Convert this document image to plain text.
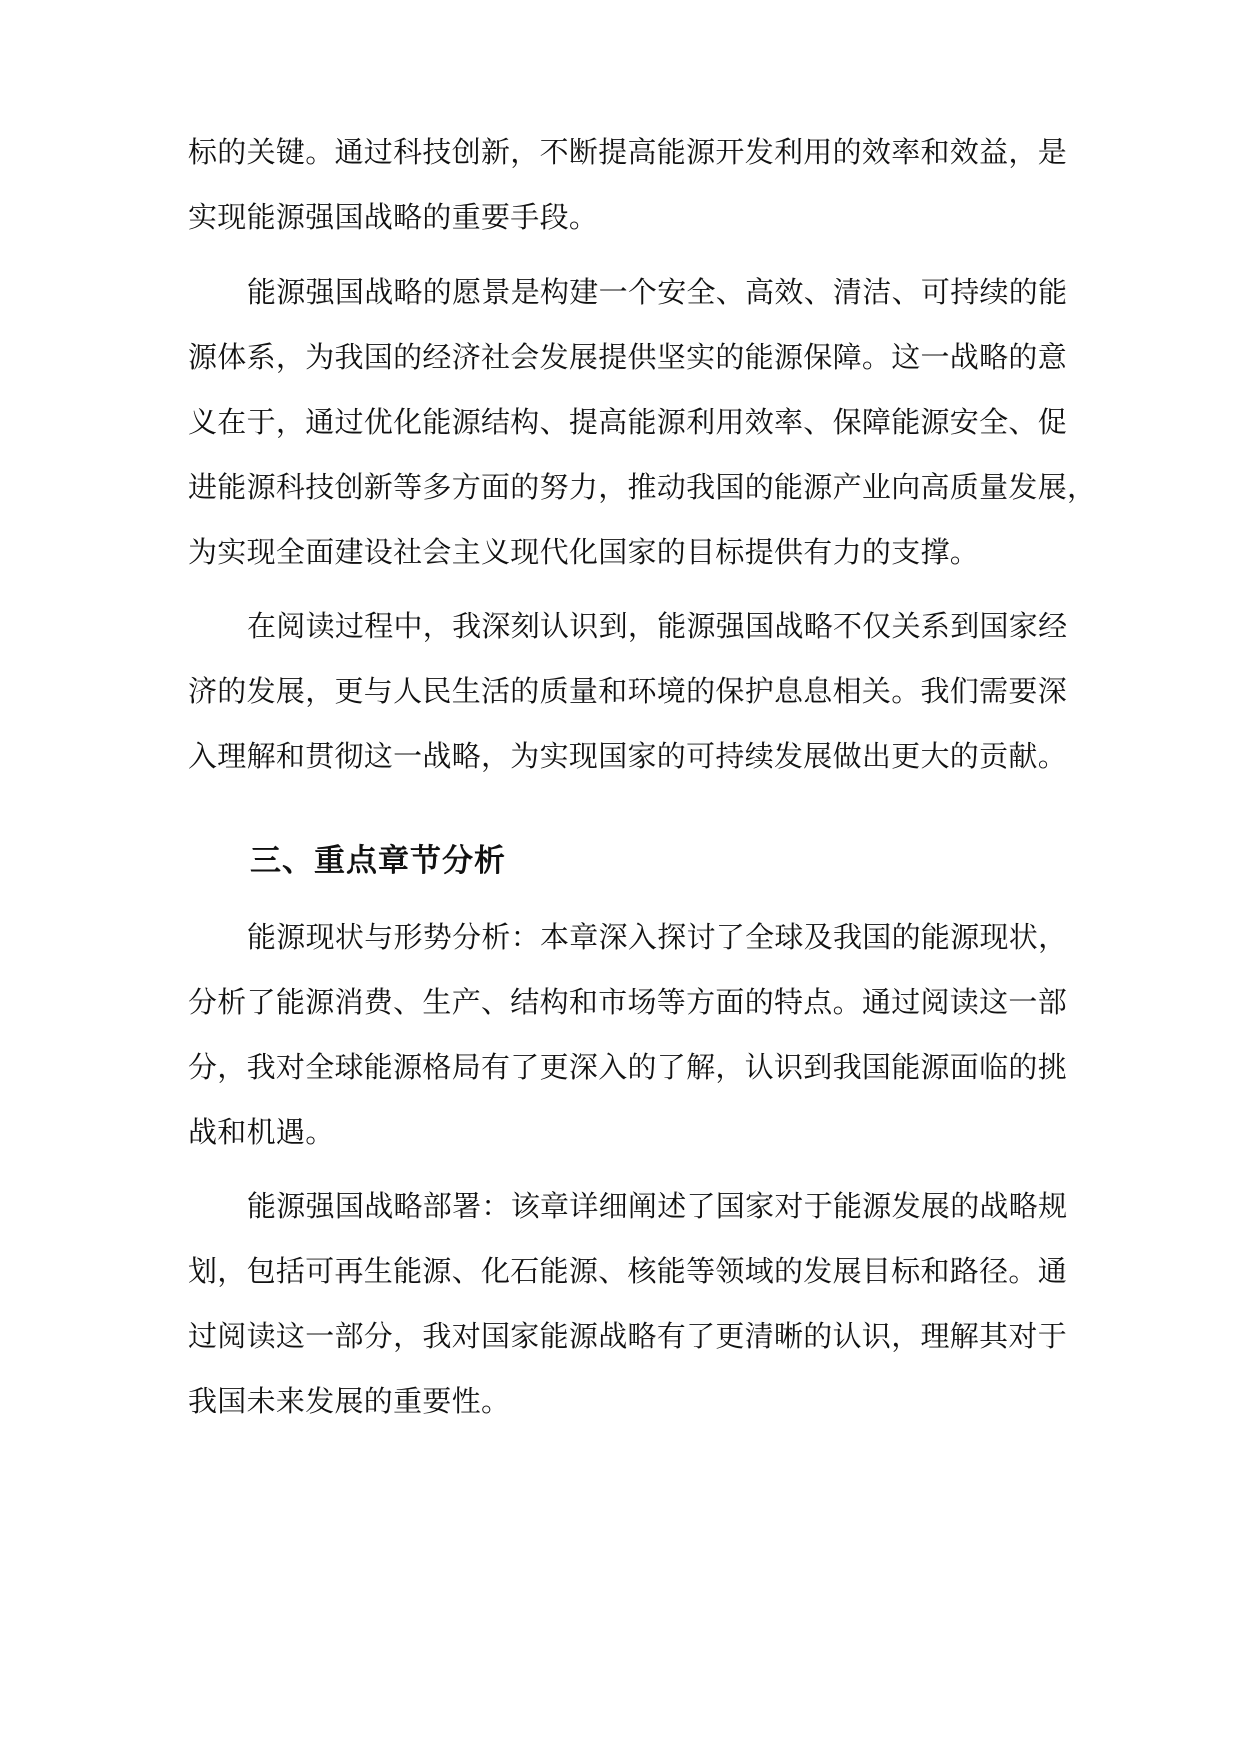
标的关键。通过科技创新，不断提高能源开发利用的效率和效益，是
实现能源强国战略的重要手段。
能源强国战略的愿景是构建一个安全、高效、清洁、可持续的能
源体系，为我国的经济社会发展提供坚实的能源保障。这一战略的意
义在于，通过优化能源结构、提高能源利用效率、保障能源安全、促
进能源科技创新等多方面的努力，推动我国的能源产业向高质量发展，
为实现全面建设社会主义现代化国家的目标提供有力的支撑。
在阅读过程中，我深刻认识到，能源强国战略不仅关系到国家经
济的发展，更与人民生活的质量和环境的保护息息相关。我们需要深
入理解和贯彻这一战略，为实现国家的可持续发展做出更大的贡献。
三、重点章节分析
能源现状与形势分析：本章深入探讨了全球及我国的能源现状，
分析了能源消费、生产、结构和市场等方面的特点。通过阅读这一部
分，我对全球能源格局有了更深入的了解，认识到我国能源面临的挑
战和机遇。
能源强国战略部署：该章详细阐述了国家对于能源发展的战略规
划，包括可再生能源、化石能源、核能等领域的发展目标和路径。通
过阅读这一部分，我对国家能源战略有了更清晰的认识，理解其对于
我国未来发展的重要性。
